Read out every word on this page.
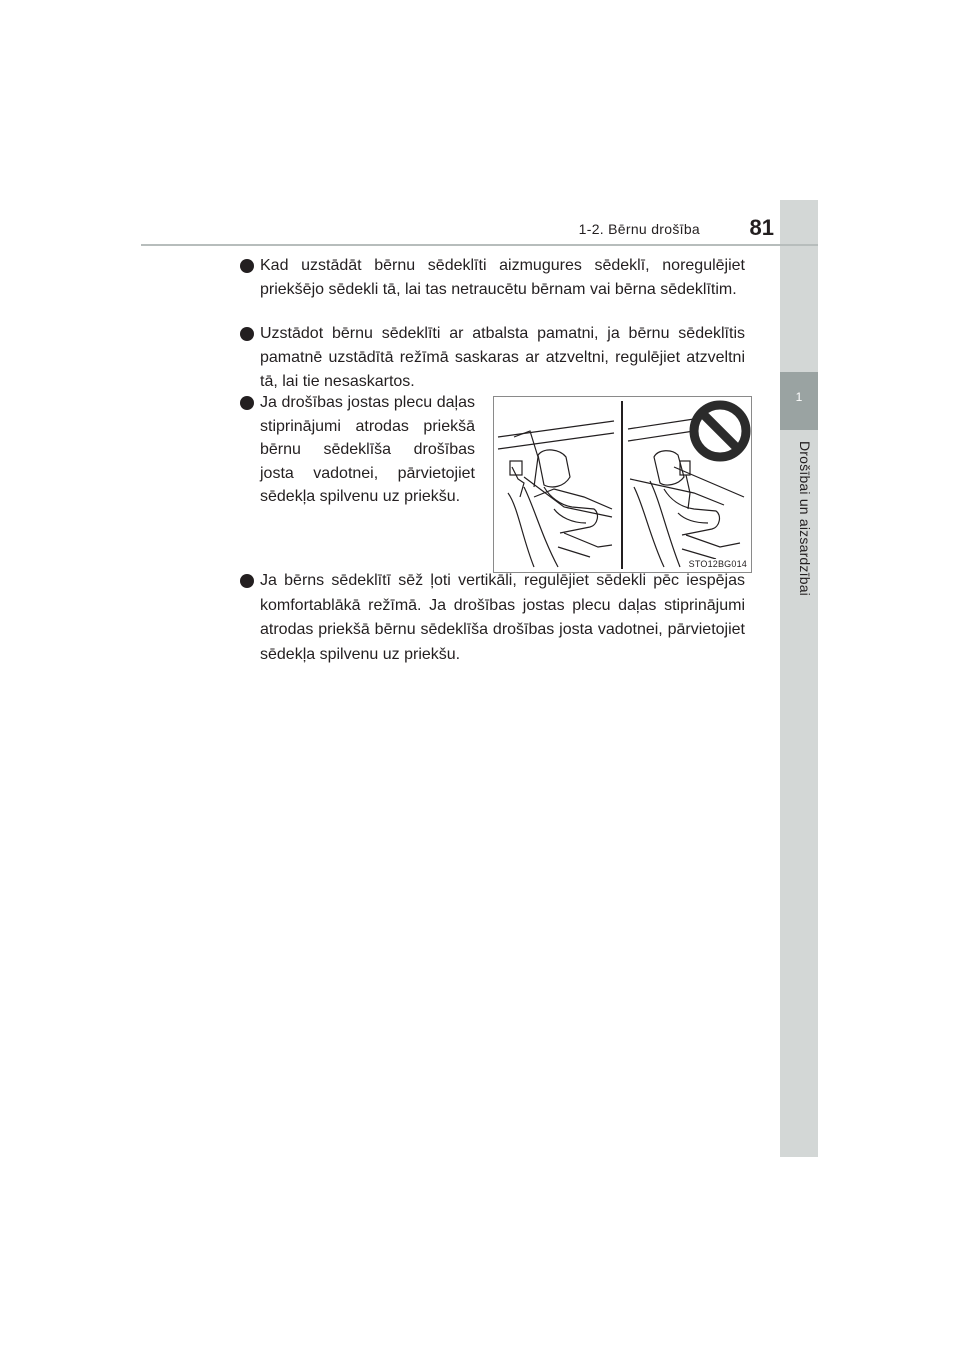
1
Drošībai un aizsardzībai
1-2. Bērnu drošība	81
Kad uzstādāt bērnu sēdeklīti aizmugures sēdeklī, noregulējiet priekšējo sēdekli tā, lai tas netraucētu bērnam vai bērna sēdeklītim.
Uzstādot bērnu sēdeklīti ar atbalsta pamatni, ja bērnu sēdeklītis pamatnē uzstādītā režīmā saskaras ar atzveltni, regulējiet atzveltni tā, lai tie nesaskartos.
Ja drošības jostas plecu daļas stiprinājumi atrodas priekšā bērnu sēdeklīša drošības josta vadotnei, pārvietojiet sēdekļa spilvenu uz priekšu.
STO12BG014
Ja bērns sēdeklītī sēž ļoti vertikāli, regulējiet sēdekli pēc iespējas komfortablākā režīmā. Ja drošības jostas plecu daļas stiprinājumi atrodas priekšā bērnu sēdeklīša drošības josta vadotnei, pārvietojiet sēdekļa spilvenu uz priekšu.
